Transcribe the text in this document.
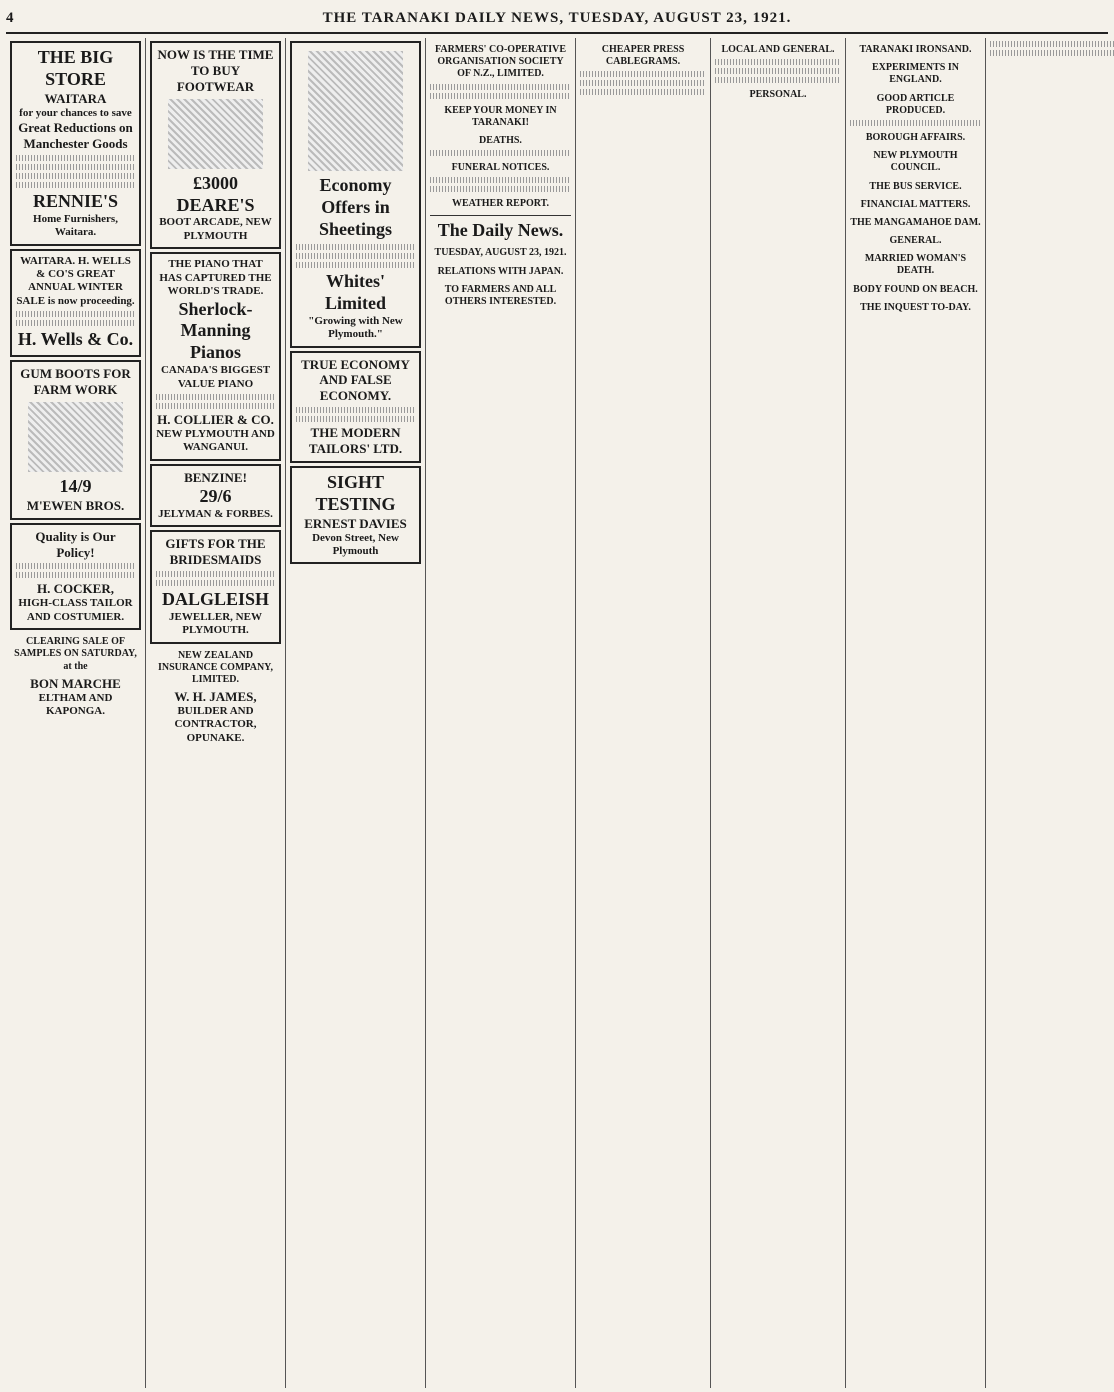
4	THE TARANAKI DAILY NEWS, TUESDAY, AUGUST 23, 1921.
THE BIG STORE
WAITARA
for your chances to save
Great Reductions on Manchester Goods
RENNIE'S
Home Furnishers, Waitara.
WAITARA. H. WELLS & CO'S GREAT ANNUAL WINTER SALE is now proceeding.
H. Wells & Co.
GUM BOOTS FOR FARM WORK
14/9
M'EWEN BROS.
Quality is Our Policy!
H. COCKER,
HIGH-CLASS TAILOR AND COSTUMIER.
CLEARING SALE OF SAMPLES ON SATURDAY, at the
BON MARCHE
ELTHAM AND KAPONGA.
NOW IS THE TIME TO BUY FOOTWEAR
£3000
DEARE'S
BOOT ARCADE, NEW PLYMOUTH
THE PIANO THAT HAS CAPTURED THE WORLD'S TRADE.
Sherlock-Manning Pianos
CANADA'S BIGGEST VALUE PIANO
H. COLLIER & CO.
NEW PLYMOUTH AND WANGANUI.
BENZINE!
29/6
JELYMAN & FORBES.
GIFTS FOR THE BRIDESMAIDS
DALGLEISH
JEWELLER, NEW PLYMOUTH.
NEW ZEALAND INSURANCE COMPANY, LIMITED.
W. H. JAMES,
BUILDER AND CONTRACTOR, OPUNAKE.
Economy Offers in Sheetings
Whites' Limited
"Growing with New Plymouth."
TRUE ECONOMY AND FALSE ECONOMY.
THE MODERN TAILORS' LTD.
SIGHT TESTING
ERNEST DAVIES
Devon Street, New Plymouth
FARMERS' CO-OPERATIVE ORGANISATION SOCIETY OF N.Z., LIMITED.
KEEP YOUR MONEY IN TARANAKI!
DEATHS.
FUNERAL NOTICES.
WEATHER REPORT.
The Daily News.
TUESDAY, AUGUST 23, 1921.
RELATIONS WITH JAPAN.
TO FARMERS AND ALL OTHERS INTERESTED.
CHEAPER PRESS CABLEGRAMS.
LOCAL AND GENERAL.
PERSONAL.
TARANAKI IRONSAND.
EXPERIMENTS IN ENGLAND.
GOOD ARTICLE PRODUCED.
BOROUGH AFFAIRS.
NEW PLYMOUTH COUNCIL.
THE BUS SERVICE.
FINANCIAL MATTERS.
THE MANGAMAHOE DAM.
GENERAL.
MARRIED WOMAN'S DEATH.
BODY FOUND ON BEACH.
THE INQUEST TO-DAY.
